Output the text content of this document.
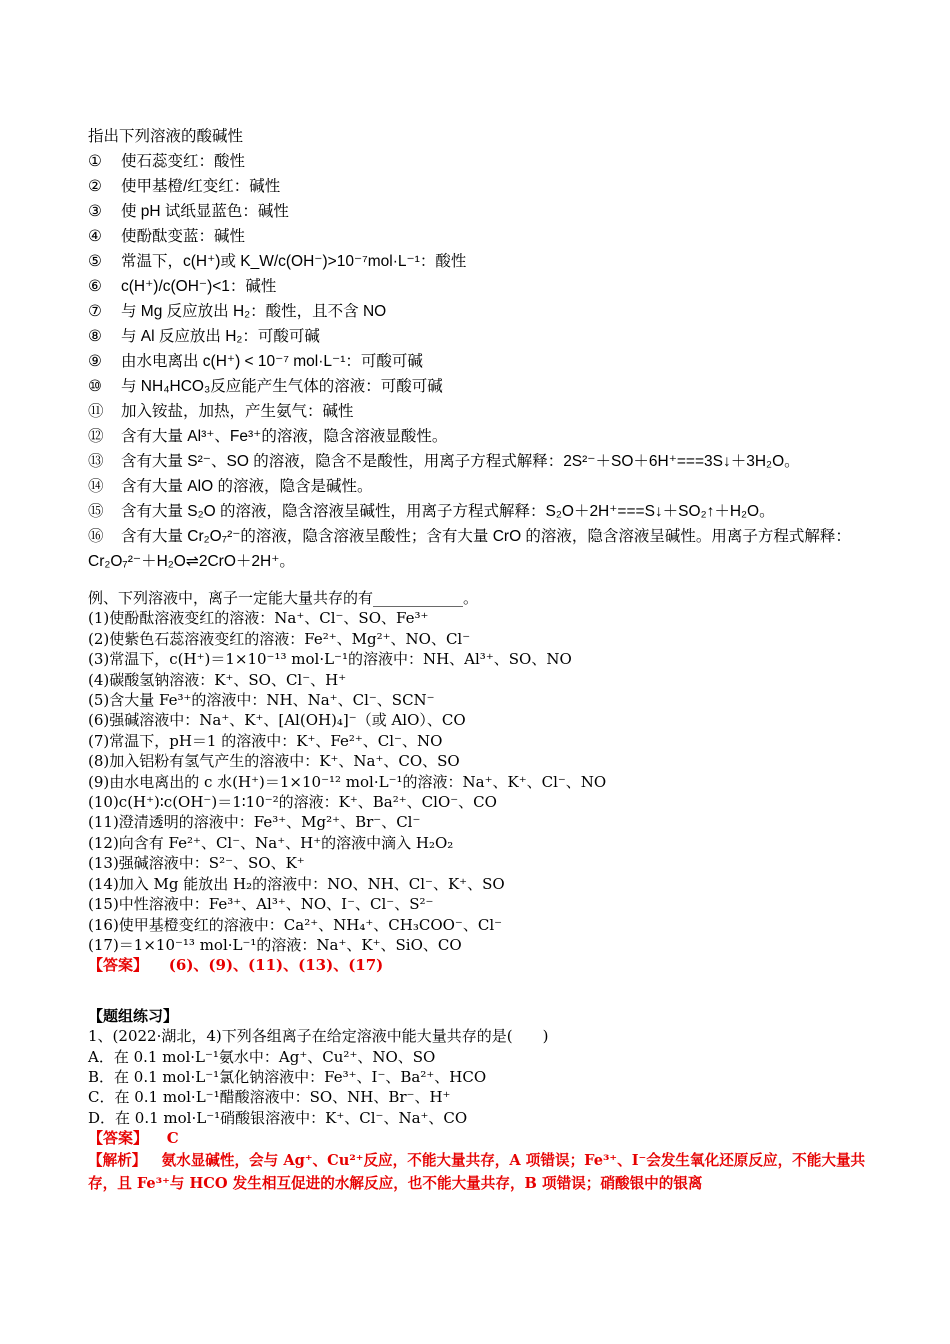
指出下列溶液的酸碱性
① 使石蕊变红：酸性
② 使甲基橙/红变红：碱性
③ 使 pH 试纸显蓝色：碱性
④ 使酚酞变蓝：碱性
⑤ 常温下，c(H⁺)或 K_W/c(OH⁻)>10⁻⁷mol·L⁻¹：酸性
⑥ c(H⁺)/c(OH⁻)<1：碱性
⑦ 与 Mg 反应放出 H₂：酸性，且不含 NO
⑧ 与 Al 反应放出 H₂：可酸可碱
⑨ 由水电离出 c(H⁺) < 10⁻⁷ mol·L⁻¹：可酸可碱
⑩ 与 NH₄HCO₃反应能产生气体的溶液：可酸可碱
⑪ 加入铵盐，加热，产生氨气：碱性
⑫ 含有大量 Al³⁺、Fe³⁺的溶液，隐含溶液显酸性。
⑬ 含有大量 S²⁻、SO 的溶液，隐含不是酸性，用离子方程式解释：2S²⁻＋SO＋6H⁺===3S↓＋3H₂O。
⑭ 含有大量 AlO 的溶液，隐含是碱性。
⑮ 含有大量 S₂O 的溶液，隐含溶液呈碱性，用离子方程式解释：S₂O＋2H⁺===S↓＋SO₂↑＋H₂O。
⑯ 含有大量 Cr₂O₇²⁻的溶液，隐含溶液呈酸性；含有大量 CrO 的溶液，隐含溶液呈碱性。用离子方程式解释：Cr₂O₇²⁻＋H₂O⇌2CrO＋2H⁺。
例、下列溶液中，离子一定能大量共存的有____________。
(1)使酚酞溶液变红的溶液：Na⁺、Cl⁻、SO、Fe³⁺
(2)使紫色石蕊溶液变红的溶液：Fe²⁺、Mg²⁺、NO、Cl⁻
(3)常温下，c(H⁺)＝1×10⁻¹³ mol·L⁻¹的溶液中：NH、Al³⁺、SO、NO
(4)碳酸氢钠溶液：K⁺、SO、Cl⁻、H⁺
(5)含大量 Fe³⁺的溶液中：NH、Na⁺、Cl⁻、SCN⁻
(6)强碱溶液中：Na⁺、K⁺、[Al(OH)₄]⁻（或 AlO）、CO
(7)常温下，pH＝1 的溶液中：K⁺、Fe²⁺、Cl⁻、NO
(8)加入铝粉有氢气产生的溶液中：K⁺、Na⁺、CO、SO
(9)由水电离出的 c 水(H⁺)＝1×10⁻¹² mol·L⁻¹的溶液：Na⁺、K⁺、Cl⁻、NO
(10)c(H⁺)∶c(OH⁻)＝1∶10⁻²的溶液：K⁺、Ba²⁺、ClO⁻、CO
(11)澄清透明的溶液中：Fe³⁺、Mg²⁺、Br⁻、Cl⁻
(12)向含有 Fe²⁺、Cl⁻、Na⁺、H⁺的溶液中滴入 H₂O₂
(13)强碱溶液中：S²⁻、SO、K⁺
(14)加入 Mg 能放出 H₂的溶液中：NO、NH、Cl⁻、K⁺、SO
(15)中性溶液中：Fe³⁺、Al³⁺、NO、I⁻、Cl⁻、S²⁻
(16)使甲基橙变红的溶液中：Ca²⁺、NH₄⁺、CH₃COO⁻、Cl⁻
(17)＝1×10⁻¹³ mol·L⁻¹的溶液：Na⁺、K⁺、SiO、CO
【答案】 (6)、(9)、(11)、(13)、(17)
【题组练习】
1、(2022·湖北，4)下列各组离子在给定溶液中能大量共存的是(　　)
A．在 0.1 mol·L⁻¹氨水中：Ag⁺、Cu²⁺、NO、SO
B．在 0.1 mol·L⁻¹氯化钠溶液中：Fe³⁺、I⁻、Ba²⁺、HCO
C．在 0.1 mol·L⁻¹醋酸溶液中：SO、NH、Br⁻、H⁺
D．在 0.1 mol·L⁻¹硝酸银溶液中：K⁺、Cl⁻、Na⁺、CO
【答案】 C
【解析】 氨水显碱性，会与 Ag⁺、Cu²⁺反应，不能大量共存，A 项错误；Fe³⁺、I⁻会发生氧化还原反应，不能大量共存，且 Fe³⁺与 HCO 发生相互促进的水解反应，也不能大量共存，B 项错误；硝酸银中的银离
